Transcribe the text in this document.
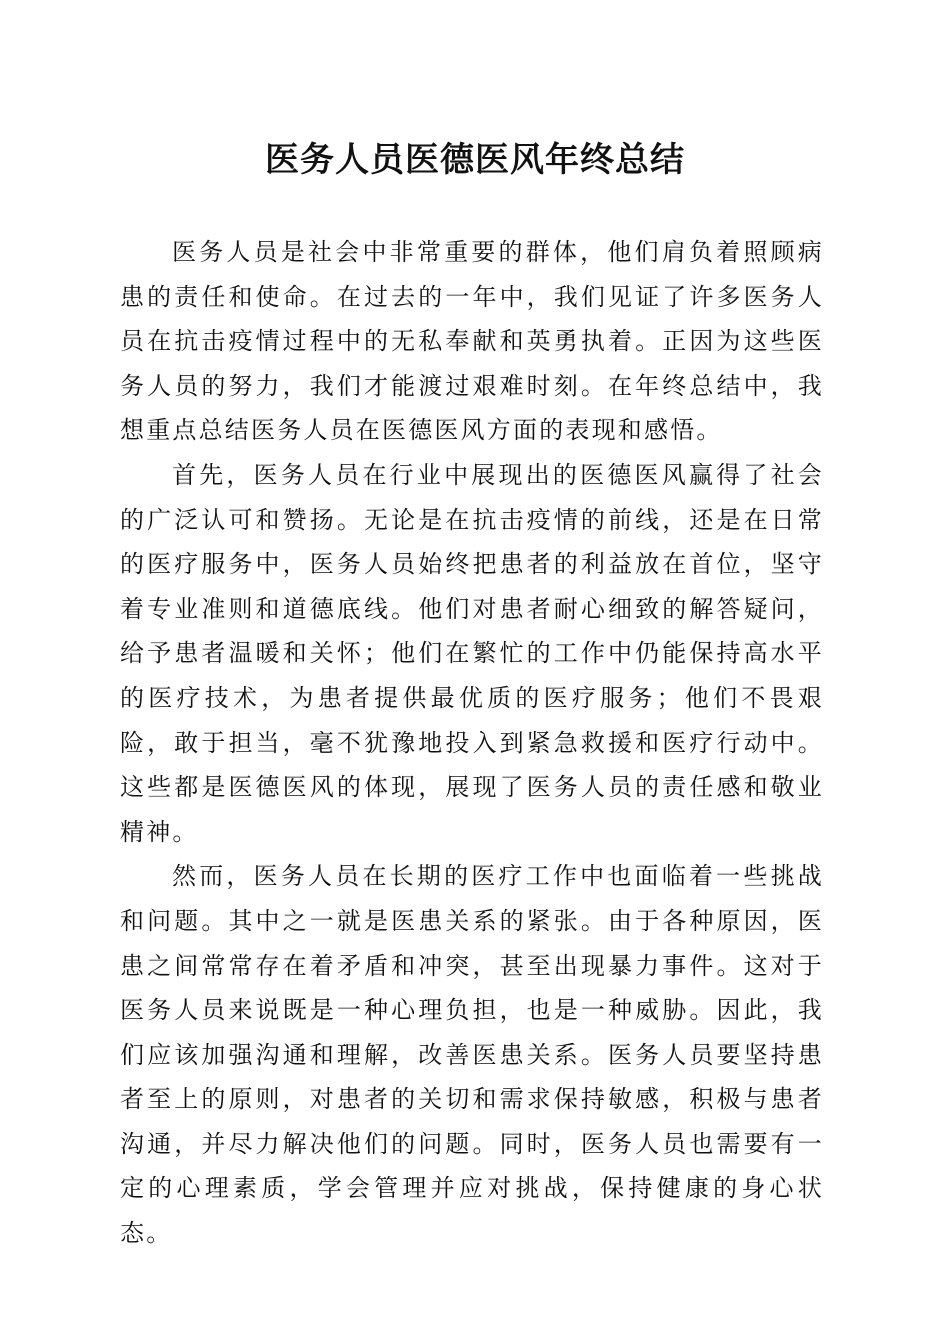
医务人员医德医风年终总结

医务人员是社会中非常重要的群体，他们肩负着照顾病患的责任和使命。在过去的一年中，我们见证了许多医务人员在抗击疫情过程中的无私奉献和英勇执着。正因为这些医务人员的努力，我们才能渡过艰难时刻。在年终总结中，我想重点总结医务人员在医德医风方面的表现和感悟。

首先，医务人员在行业中展现出的医德医风赢得了社会的广泛认可和赞扬。无论是在抗击疫情的前线，还是在日常的医疗服务中，医务人员始终把患者的利益放在首位，坚守着专业准则和道德底线。他们对患者耐心细致的解答疑问，给予患者温暖和关怀；他们在繁忙的工作中仍能保持高水平的医疗技术，为患者提供最优质的医疗服务；他们不畏艰险，敢于担当，毫不犹豫地投入到紧急救援和医疗行动中。这些都是医德医风的体现，展现了医务人员的责任感和敬业精神。

然而，医务人员在长期的医疗工作中也面临着一些挑战和问题。其中之一就是医患关系的紧张。由于各种原因，医患之间常常存在着矛盾和冲突，甚至出现暴力事件。这对于医务人员来说既是一种心理负担，也是一种威胁。因此，我们应该加强沟通和理解，改善医患关系。医务人员要坚持患者至上的原则，对患者的关切和需求保持敏感，积极与患者沟通，并尽力解决他们的问题。同时，医务人员也需要有一定的心理素质，学会管理并应对挑战，保持健康的身心状态。
